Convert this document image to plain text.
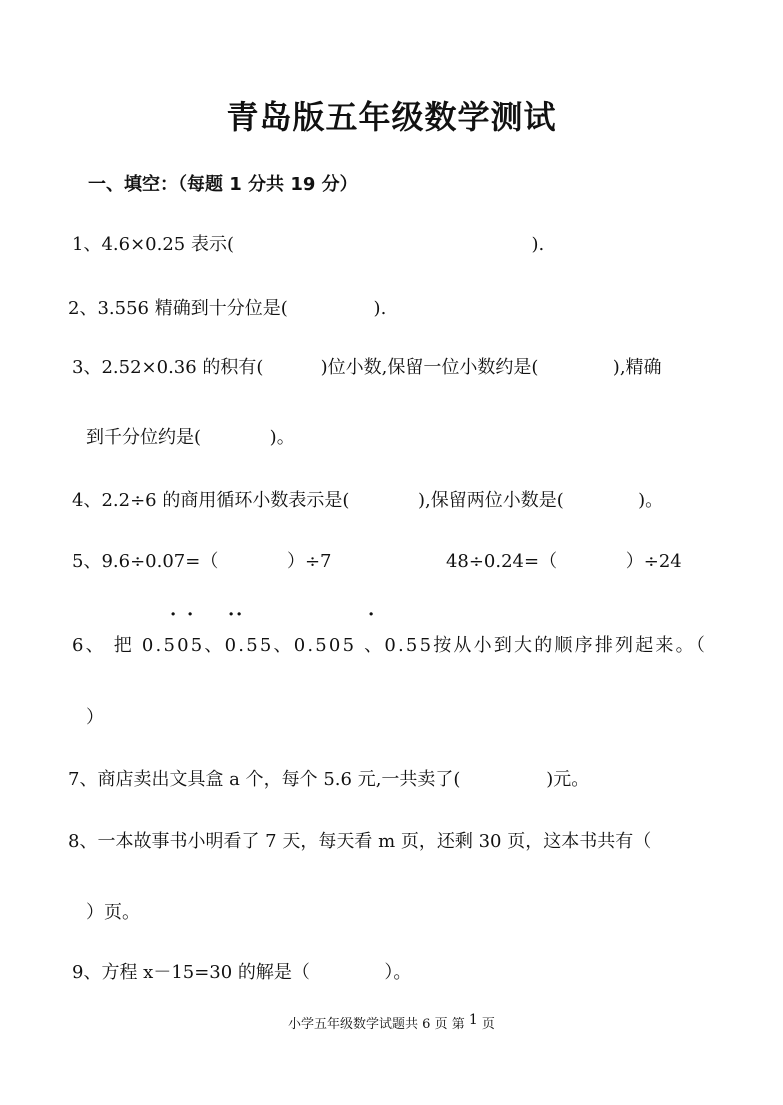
青岛版五年级数学测试
一、填空：（每题 1 分共 19 分）
1、4.6×0.25 表示(                                                    ).
2、3.556 精确到十分位是(               ).
3、2.52×0.36 的积有(          )位小数,保留一位小数约是(             ),精确
到千分位约是(            )。
4、2.2÷6 的商用循环小数表示是(            ),保留两位小数是(             )。
5、9.6÷0.07=（            ）÷7                    48÷0.24=（            ）÷24
· · · ·	·
6、 把 0.505、0.55、0.505 、0.55按从小到大的顺序排列起来。（
）
7、商店卖出文具盒 a 个，每个 5.6 元,一共卖了(               )元。
8、一本故事书小明看了 7 天，每天看 m 页，还剩 30 页，这本书共有（
）页。
9、方程 x－15=30 的解是（             ）。
小学五年级数学试题共 6 页 第 1 页
